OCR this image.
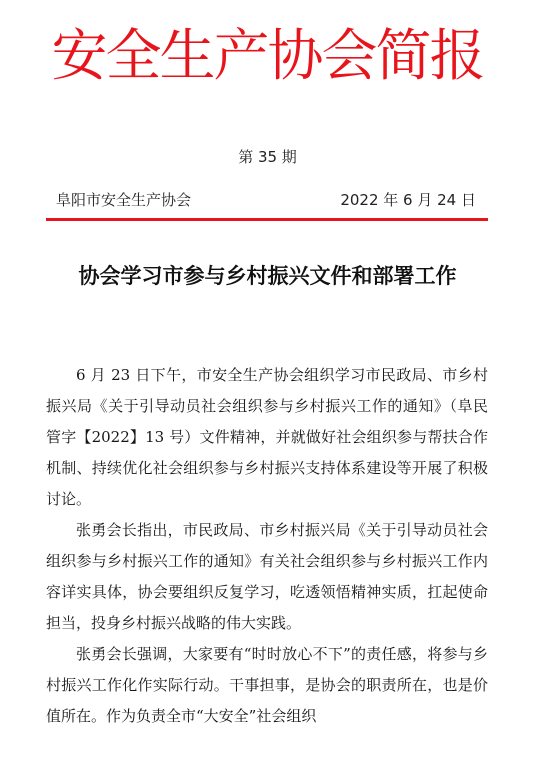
安全生产协会简报
第 35 期
阜阳市安全生产协会	2022 年 6 月 24 日
协会学习市参与乡村振兴文件和部署工作

6 月 23 日下午，市安全生产协会组织学习市民政局、市乡村振兴局《关于引导动员社会组织参与乡村振兴工作的通知》（阜民管字【2022】13 号）文件精神，并就做好社会组织参与帮扶合作机制、持续优化社会组织参与乡村振兴支持体系建设等开展了积极讨论。

张勇会长指出，市民政局、市乡村振兴局《关于引导动员社会组织参与乡村振兴工作的通知》有关社会组织参与乡村振兴工作内容详实具体，协会要组织反复学习，吃透领悟精神实质，扛起使命担当，投身乡村振兴战略的伟大实践。

张勇会长强调，大家要有“时时放心不下”的责任感，将参与乡村振兴工作化作实际行动。干事担事，是协会的职责所在，也是价值所在。作为负责全市“大安全”社会组织
